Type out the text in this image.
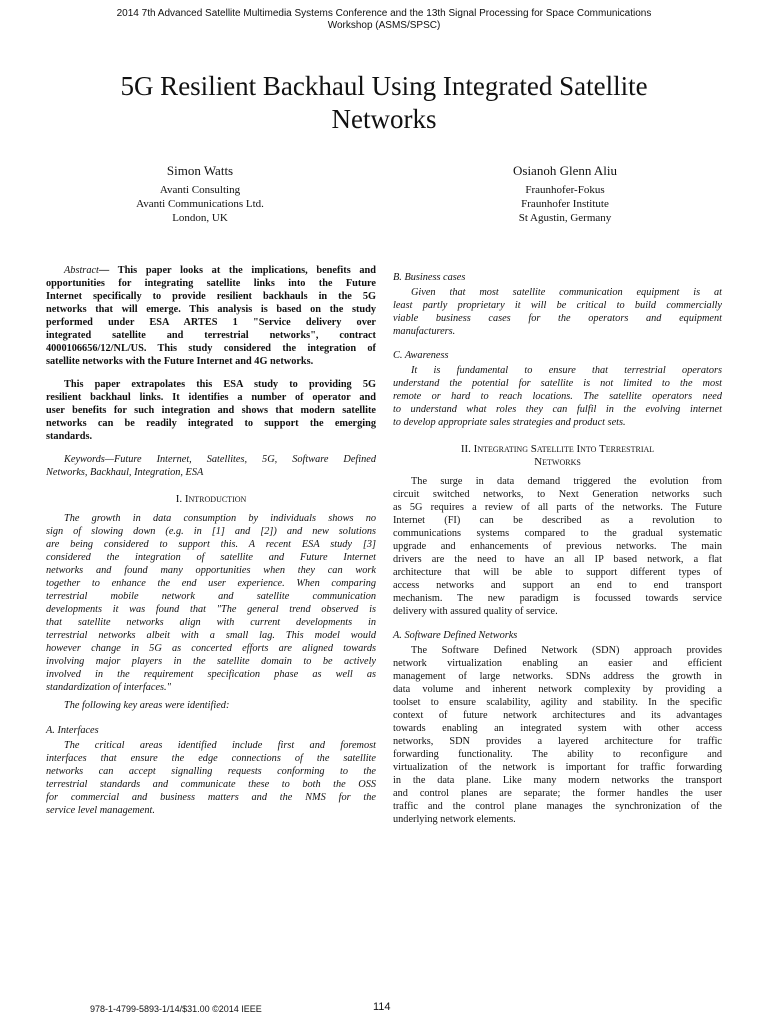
2014 7th Advanced Satellite Multimedia Systems Conference and the 13th Signal Processing for Space Communications
Workshop (ASMS/SPSC)
5G Resilient Backhaul Using Integrated Satellite
Networks
Simon Watts
Avanti Consulting
Avanti Communications Ltd.
London, UK
Osianoh Glenn Aliu
Fraunhofer-Fokus
Fraunhofer Institute
St Agustin, Germany
Abstract— This paper looks at the implications, benefits and
opportunities for integrating satellite links into the Future
Internet specifically to provide resilient backhauls in the 5G
networks that will emerge. This analysis is based on the study
performed under ESA ARTES 1 "Service delivery over
integrated satellite and terrestrial networks", contract
4000106656/12/NL/US. This study considered the integration of
satellite networks with the Future Internet and 4G networks.
This paper extrapolates this ESA study to providing 5G
resilient backhaul links. It identifies a number of operator and
user benefits for such integration and shows that modern satellite
networks can be readily integrated to support the emerging
standards.
Keywords—Future Internet, Satellites, 5G, Software Defined
Networks, Backhaul, Integration, ESA
I. Introduction
The growth in data consumption by individuals shows no
sign of slowing down (e.g. in [1] and [2]) and new solutions
are being considered to support this. A recent ESA study [3]
considered the integration of satellite and Future Internet
networks and found many opportunities when they can work
together to enhance the end user experience. When comparing
terrestrial mobile network and satellite communication
developments it was found that "The general trend observed is
that satellite networks align with current developments in
terrestrial networks albeit with a small lag. This model would
however change in 5G as concerted efforts are aligned towards
involving major players in the satellite domain to be actively
involved in the requirement specification phase as well as
standardization of interfaces."
The following key areas were identified:
A. Interfaces
The critical areas identified include first and foremost
interfaces that ensure the edge connections of the satellite
networks can accept signalling requests conforming to the
terrestrial standards and communicate these to both the OSS
for commercial and business matters and the NMS for the
service level management.
B. Business cases
Given that most satellite communication equipment is at
least partly proprietary it will be critical to build commercially
viable business cases for the operators and equipment
manufacturers.
C. Awareness
It is fundamental to ensure that terrestrial operators
understand the potential for satellite is not limited to the most
remote or hard to reach locations. The satellite operators need
to understand what roles they can fulfil in the evolving internet
to develop appropriate sales strategies and product sets.
II. Integrating Satellite Into Terrestrial
Networks
The surge in data demand triggered the evolution from
circuit switched networks, to Next Generation networks such
as 5G requires a review of all parts of the networks. The Future
Internet (FI) can be described as a revolution to
communications systems compared to the gradual systematic
upgrade and enhancements of previous networks. The main
drivers are the need to have an all IP based network, a flat
architecture that will be able to support different types of
access networks and support an end to end transport
mechanism. The new paradigm is focussed towards service
delivery with assured quality of service.
A. Software Defined Networks
The Software Defined Network (SDN) approach provides
network virtualization enabling an easier and efficient
management of large networks. SDNs address the growth in
data volume and inherent network complexity by providing a
toolset to ensure scalability, agility and stability. In the specific
context of future network architectures and its advantages
towards enabling an integrated system with other access
networks, SDN provides a layered architecture for traffic
forwarding functionality. The ability to reconfigure and
virtualization of the network is important for traffic forwarding
in the data plane. Like many modern networks the transport
and control planes are separate; the former handles the user
traffic and the control plane manages the synchronization of the
underlying network elements.
978-1-4799-5893-1/14/$31.00 ©2014 IEEE	114
